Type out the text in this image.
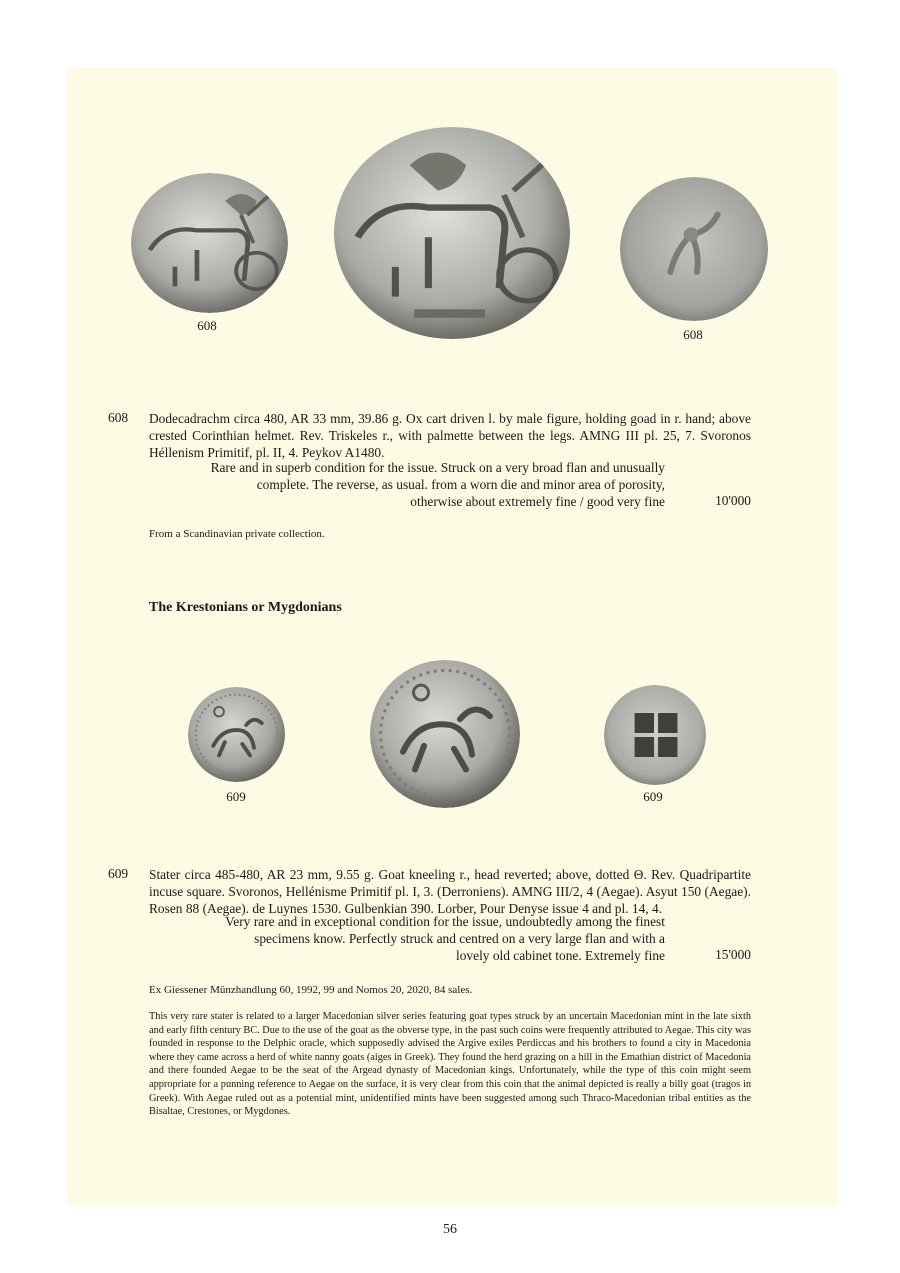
608
608
608 Dodecadrachm circa 480, AR 33 mm, 39.86 g. Ox cart driven l. by male figure, holding goad in r. hand; above crested Corinthian helmet. Rev. Triskeles r., with palmette between the legs. AMNG III pl. 25, 7. Svoronos Héllenism Primitif, pl. II, 4. Peykov A1480.
Rare and in superb condition for the issue. Struck on a very broad flan and unusually
complete. The reverse, as usual. from a worn die and minor area of porosity,
otherwise about extremely fine / good very fine	10'000
From a Scandinavian private collection.
The Krestonians or Mygdonians
609	609
609 Stater circa 485-480, AR 23 mm, 9.55 g. Goat kneeling r., head reverted; above, dotted Θ. Rev. Quadripartite incuse square. Svoronos, Hellénisme Primitif pl. I, 3. (Derroniens). AMNG III/2, 4 (Aegae). Asyut 150 (Aegae). Rosen 88 (Aegae). de Luynes 1530. Gulbenkian 390. Lorber, Pour Denyse issue 4 and pl. 14, 4.
Very rare and in exceptional condition for the issue, undoubtedly among the finest
specimens know. Perfectly struck and centred on a very large flan and with a
lovely old cabinet tone. Extremely fine	15'000
Ex Giessener Münzhandlung 60, 1992, 99 and Nomos 20, 2020, 84 sales.
This very rare stater is related to a larger Macedonian silver series featuring goat types struck by an uncertain Macedonian mint in the late sixth and early fifth century BC. Due to the use of the goat as the obverse type, in the past such coins were frequently attributed to Aegae. This city was founded in response to the Delphic oracle, which supposedly advised the Argive exiles Perdiccas and his brothers to found a city in Macedonia where they came across a herd of white nanny goats (aiges in Greek). They found the herd grazing on a hill in the Emathian district of Macedonia and there founded Aegae to be the seat of the Argead dynasty of Macedonian kings. Unfortunately, while the type of this coin might seem appropriate for a punning reference to Aegae on the surface, it is very clear from this coin that the animal depicted is really a billy goat (tragos in Greek). With Aegae ruled out as a potential mint, unidentified mints have been suggested among such Thraco-Macedonian tribal entities as the Bisaltae, Crestones, or Mygdones.
56
